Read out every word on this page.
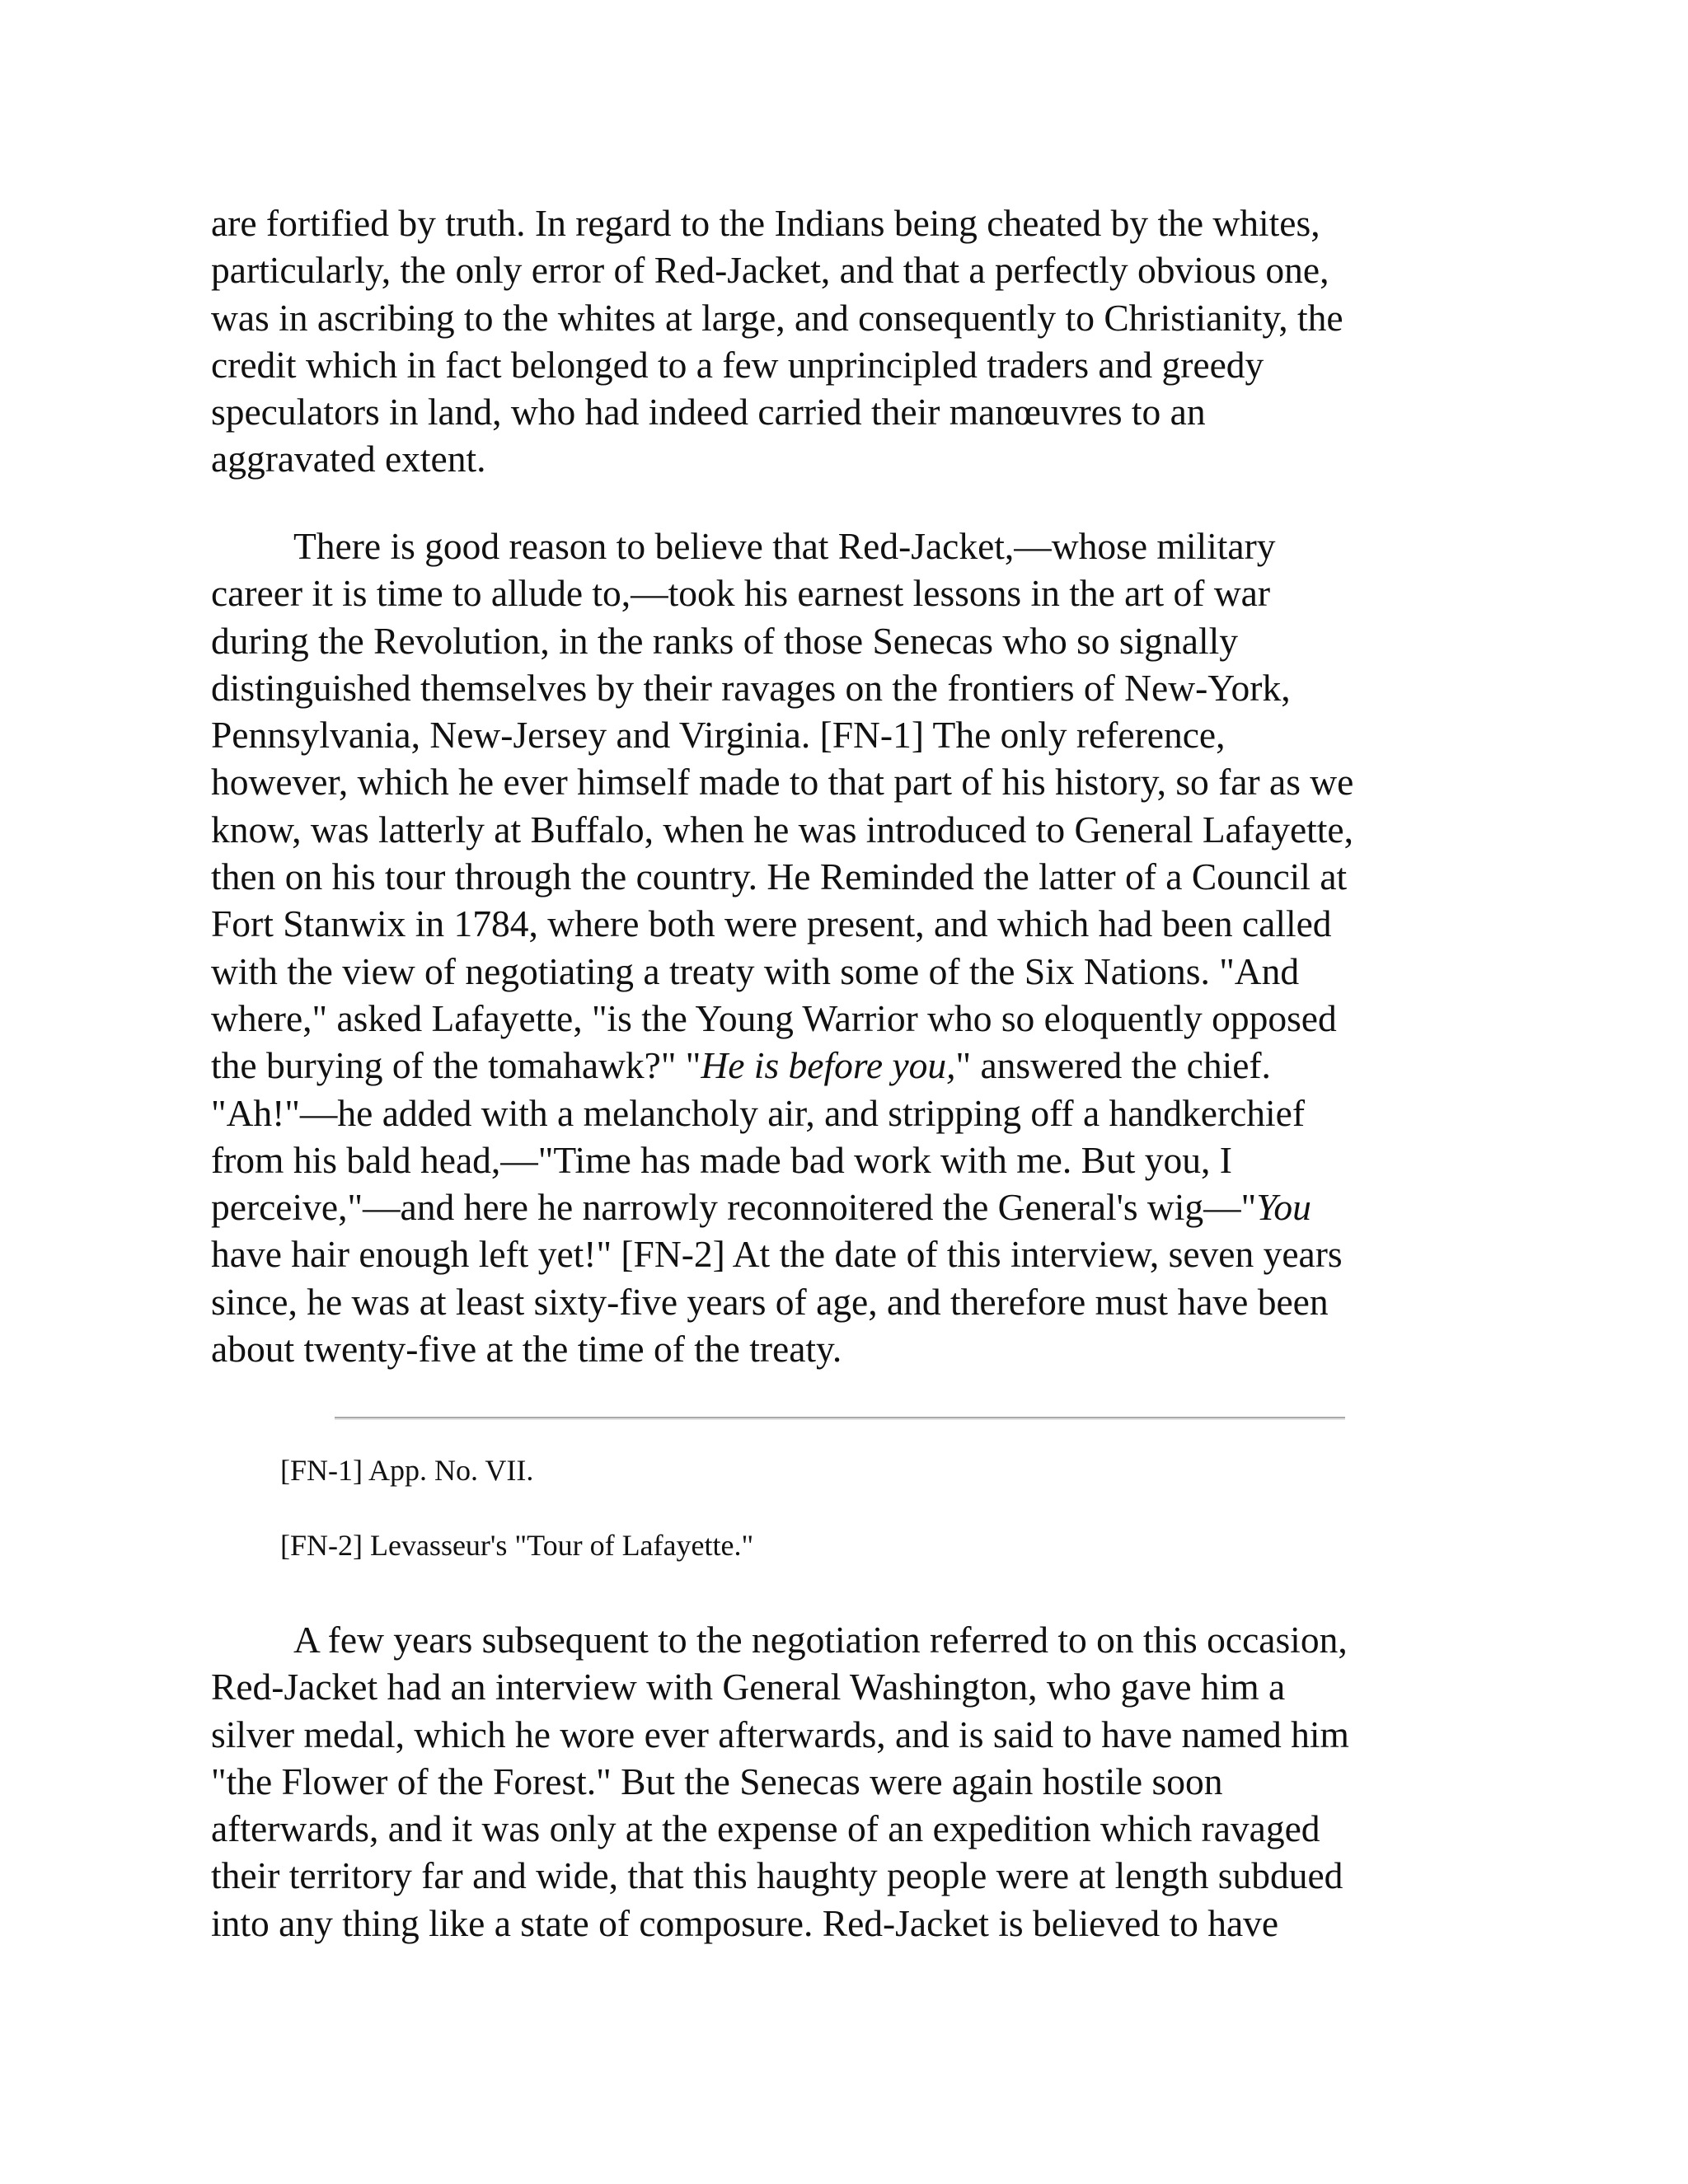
are fortified by truth. In regard to the Indians being cheated by the whites,
particularly, the only error of Red-Jacket, and that a perfectly obvious one,
was in ascribing to the whites at large, and consequently to Christianity, the
credit which in fact belonged to a few unprincipled traders and greedy
speculators in land, who had indeed carried their manœuvres to an
aggravated extent.
There is good reason to believe that Red-Jacket,—whose military
career it is time to allude to,—took his earnest lessons in the art of war
during the Revolution, in the ranks of those Senecas who so signally
distinguished themselves by their ravages on the frontiers of New-York,
Pennsylvania, New-Jersey and Virginia. [FN-1] The only reference,
however, which he ever himself made to that part of his history, so far as we
know, was latterly at Buffalo, when he was introduced to General Lafayette,
then on his tour through the country. He Reminded the latter of a Council at
Fort Stanwix in 1784, where both were present, and which had been called
with the view of negotiating a treaty with some of the Six Nations. "And
where," asked Lafayette, "is the Young Warrior who so eloquently opposed
the burying of the tomahawk?" "He is before you," answered the chief.
"Ah!"—he added with a melancholy air, and stripping off a handkerchief
from his bald head,—"Time has made bad work with me. But you, I
perceive,"—and here he narrowly reconnoitered the General's wig—"You
have hair enough left yet!" [FN-2] At the date of this interview, seven years
since, he was at least sixty-five years of age, and therefore must have been
about twenty-five at the time of the treaty.
[FN-1] App. No. VII.
[FN-2] Levasseur's "Tour of Lafayette."
A few years subsequent to the negotiation referred to on this occasion,
Red-Jacket had an interview with General Washington, who gave him a
silver medal, which he wore ever afterwards, and is said to have named him
"the Flower of the Forest." But the Senecas were again hostile soon
afterwards, and it was only at the expense of an expedition which ravaged
their territory far and wide, that this haughty people were at length subdued
into any thing like a state of composure. Red-Jacket is believed to have
